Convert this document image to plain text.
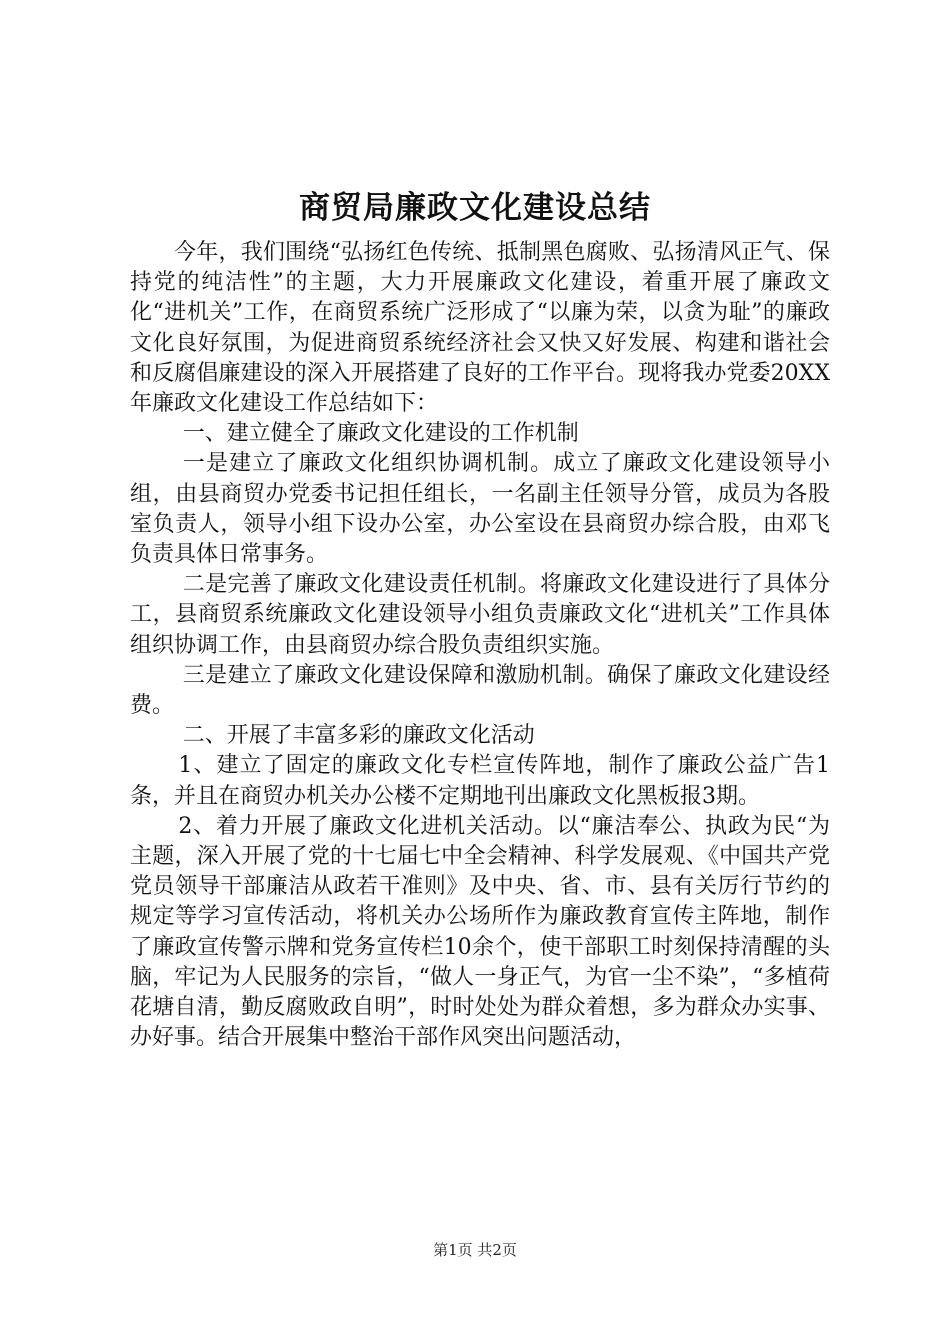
商贸局廉政文化建设总结

今年，我们围绕“弘扬红色传统、抵制黑色腐败、弘扬清风正气、保持党的纯洁性”的主题，大力开展廉政文化建设，着重开展了廉政文化“进机关”工作，在商贸系统广泛形成了“以廉为荣，以贪为耻”的廉政文化良好氛围，为促进商贸系统经济社会又快又好发展、构建和谐社会和反腐倡廉建设的深入开展搭建了良好的工作平台。现将我办党委20XX年廉政文化建设工作总结如下：

一、建立健全了廉政文化建设的工作机制

一是建立了廉政文化组织协调机制。成立了廉政文化建设领导小组，由县商贸办党委书记担任组长，一名副主任领导分管，成员为各股室负责人，领导小组下设办公室，办公室设在县商贸办综合股，由邓飞负责具体日常事务。

二是完善了廉政文化建设责任机制。将廉政文化建设进行了具体分工，县商贸系统廉政文化建设领导小组负责廉政文化“进机关”工作具体组织协调工作，由县商贸办综合股负责组织实施。

三是建立了廉政文化建设保障和激励机制。确保了廉政文化建设经费。

二、开展了丰富多彩的廉政文化活动

1、建立了固定的廉政文化专栏宣传阵地，制作了廉政公益广告1条，并且在商贸办机关办公楼不定期地刊出廉政文化黑板报3期。

2、着力开展了廉政文化进机关活动。以“廉洁奉公、执政为民“为主题，深入开展了党的十七届七中全会精神、科学发展观、《中国共产党党员领导干部廉洁从政若干准则》及中央、省、市、县有关厉行节约的规定等学习宣传活动，将机关办公场所作为廉政教育宣传主阵地，制作了廉政宣传警示牌和党务宣传栏10余个，使干部职工时刻保持清醒的头脑，牢记为人民服务的宗旨，“做人一身正气，为官一尘不染”，“多植荷花塘自清，勤反腐败政自明”，时时处处为群众着想，多为群众办实事、办好事。结合开展集中整治干部作风突出问题活动，

第1页 共2页
